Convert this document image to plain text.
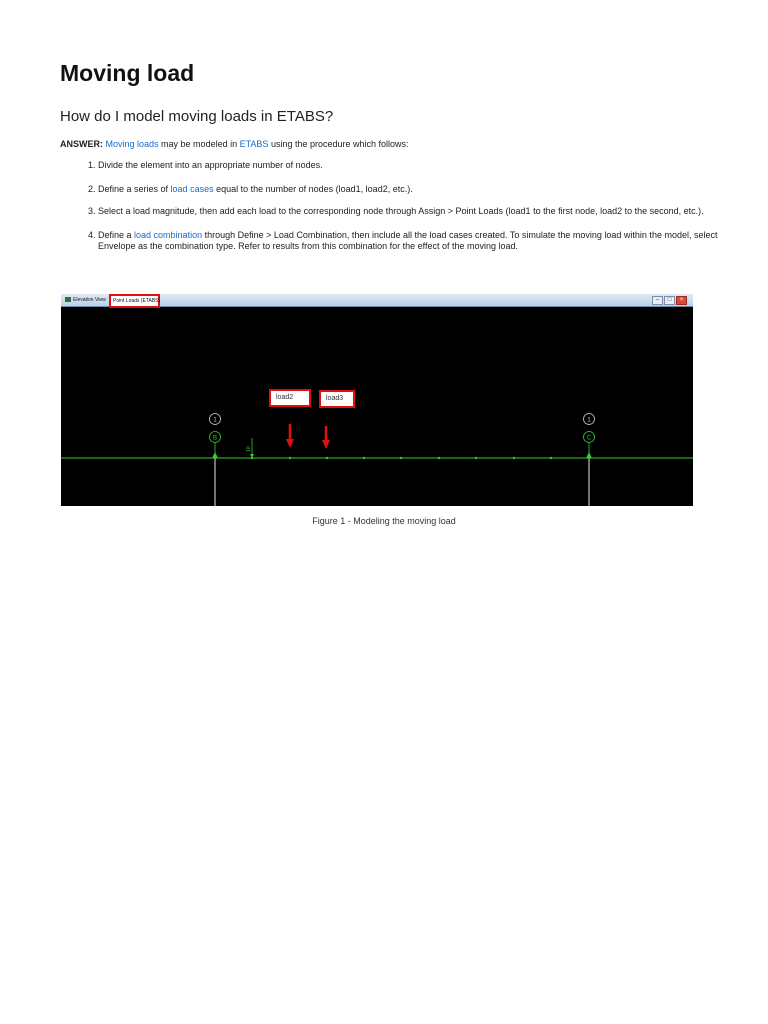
Moving load
How do I model moving loads in ETABS?

ANSWER: Moving loads may be modeled in ETABS using the procedure which follows:

1. Divide the element into an appropriate number of nodes.
2. Define a series of load cases equal to the number of nodes (load1, load2, etc.).
3. Select a load magnitude, then add each load to the corresponding node through Assign > Point Loads (load1 to the first node, load2 to the second, etc.).
4. Define a load combination through Define > Load Combination, then include all the load cases created. To simulate the moving load within the model, select Envelope as the combination type. Refer to results from this combination for the effect of the moving load.
Elevation View	Point Loads (ETABS)	–	□	×
1
B
1
C
10
load2	load3

Figure 1 - Modeling the moving load
